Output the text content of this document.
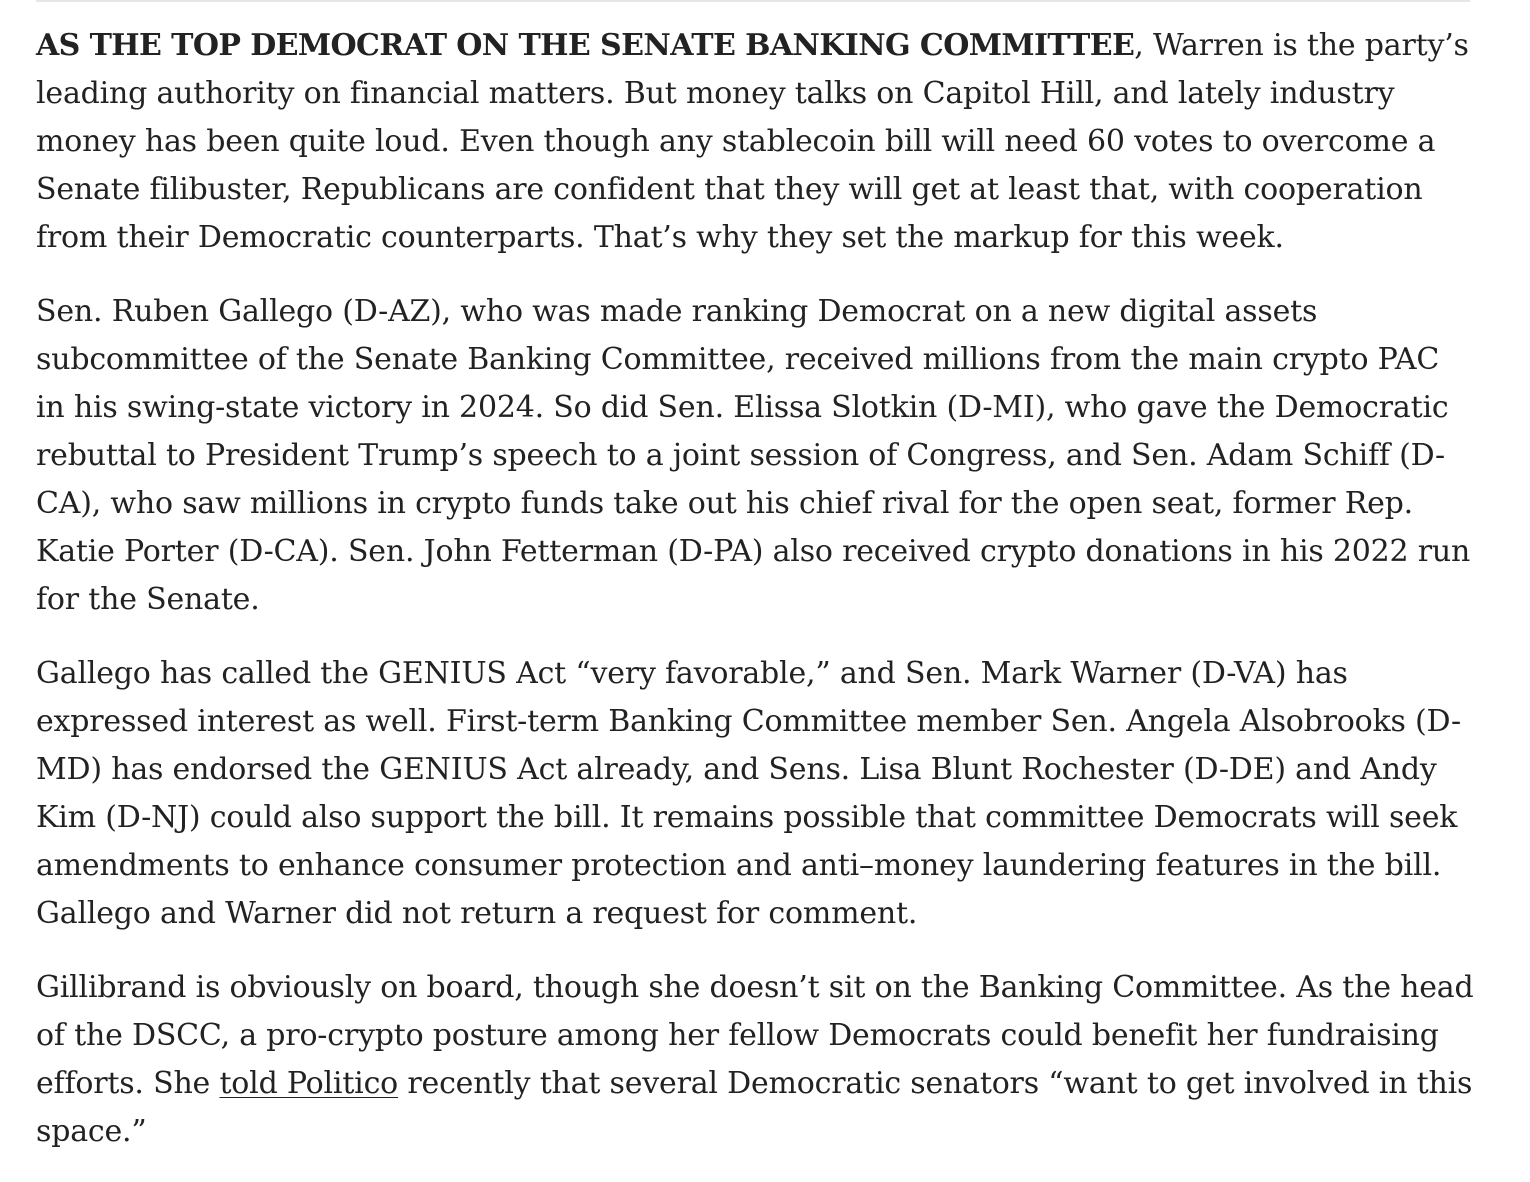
AS THE TOP DEMOCRAT ON THE SENATE BANKING COMMITTEE, Warren is the party’s leading authority on financial matters. But money talks on Capitol Hill, and lately industry money has been quite loud. Even though any stablecoin bill will need 60 votes to overcome a Senate filibuster, Republicans are confident that they will get at least that, with cooperation from their Democratic counterparts. That’s why they set the markup for this week.

Sen. Ruben Gallego (D-AZ), who was made ranking Democrat on a new digital assets subcommittee of the Senate Banking Committee, received millions from the main crypto PAC in his swing-state victory in 2024. So did Sen. Elissa Slotkin (D-MI), who gave the Democratic rebuttal to President Trump’s speech to a joint session of Congress, and Sen. Adam Schiff (D-CA), who saw millions in crypto funds take out his chief rival for the open seat, former Rep. Katie Porter (D-CA). Sen. John Fetterman (D-PA) also received crypto donations in his 2022 run for the Senate.

Gallego has called the GENIUS Act “very favorable,” and Sen. Mark Warner (D-VA) has expressed interest as well. First-term Banking Committee member Sen. Angela Alsobrooks (D-MD) has endorsed the GENIUS Act already, and Sens. Lisa Blunt Rochester (D-DE) and Andy Kim (D-NJ) could also support the bill. It remains possible that committee Democrats will seek amendments to enhance consumer protection and anti–money laundering features in the bill. Gallego and Warner did not return a request for comment.

Gillibrand is obviously on board, though she doesn’t sit on the Banking Committee. As the head of the DSCC, a pro-crypto posture among her fellow Democrats could benefit her fundraising efforts. She told Politico recently that several Democratic senators “want to get involved in this space.”
